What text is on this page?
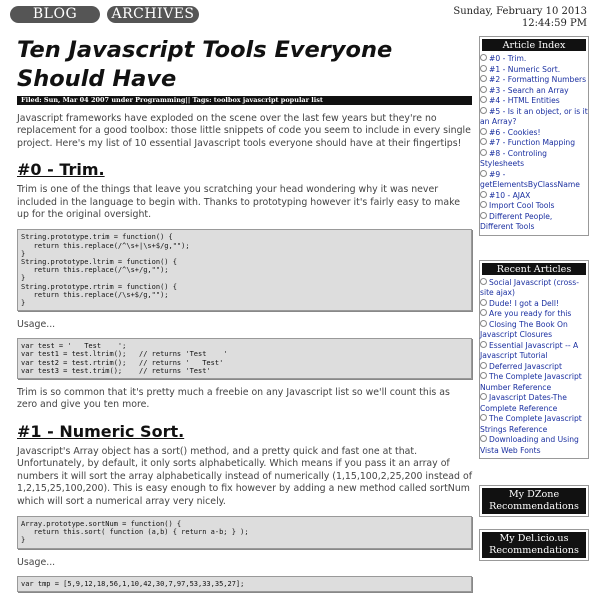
BLOG	ARCHIVES	Sunday, February 10 2013
12:44:59 PM
Ten Javascript Tools Everyone Should Have
Filed: Sun, Mar 04 2007 under Programming|| Tags: toolbox javascript popular list

Javascript frameworks have exploded on the scene over the last few years but they're no replacement for a good toolbox: those little snippets of code you seem to include in every single project. Here's my list of 10 essential Javascript tools everyone should have at their fingertips!

#0 - Trim.

Trim is one of the things that leave you scratching your head wondering why it was never included in the language to begin with. Thanks to prototyping however it's fairly easy to make up for the original oversight.

String.prototype.trim = function() {
return this.replace(/^\s+|\s+$/g,"");
}
String.prototype.ltrim = function() {
return this.replace(/^\s+/g,"");
}
String.prototype.rtrim = function() {
return this.replace(/\s+$/g,"");
}

Usage...

var test = '   Test    ';
var test1 = test.ltrim();   // returns 'Test    '
var test2 = test.rtrim();   // returns '   Test'
var test3 = test.trim();    // returns 'Test'

Trim is so common that it's pretty much a freebie on any Javascript list so we'll count this as zero and give you ten more.

#1 - Numeric Sort.

Javascript's Array object has a sort() method, and a pretty quick and fast one at that. Unfortunately, by default, it only sorts alphabetically. Which means if you pass it an array of numbers it will sort the array alphabetically instead of numerically (1,15,100,2,25,200 instead of 1,2,15,25,100,200). This is easy enough to fix however by adding a new method called sortNum which will sort a numerical array very nicely.

Array.prototype.sortNum = function() {
return this.sort( function (a,b) { return a-b; } );
}

Usage...

var tmp = [5,9,12,18,56,1,10,42,30,7,97,53,33,35,27];
Article Index
#0 - Trim.
#1 - Numeric Sort.
#2 - Formatting Numbers
#3 - Search an Array
#4 - HTML Entities
#5 - Is it an object, or is it an Array?
#6 - Cookies!
#7 - Function Mapping
#8 - Controling Stylesheets
#9 - getElementsByClassName
#10 - AJAX
Import Cool Tools
Different People, Different Tools
Recent Articles
Social Javascript (cross-site ajax)
Dude! I got a Dell!
Are you ready for this
Closing The Book On Javascript Closures
Essential Javascript -- A Javascript Tutorial
Deferred Javascript
The Complete Javascript Number Reference
Javascript Dates-The Complete Reference
The Complete Javascript Strings Reference
Downloading and Using Vista Web Fonts
My DZone Recommendations
My Del.icio.us Recommendations
